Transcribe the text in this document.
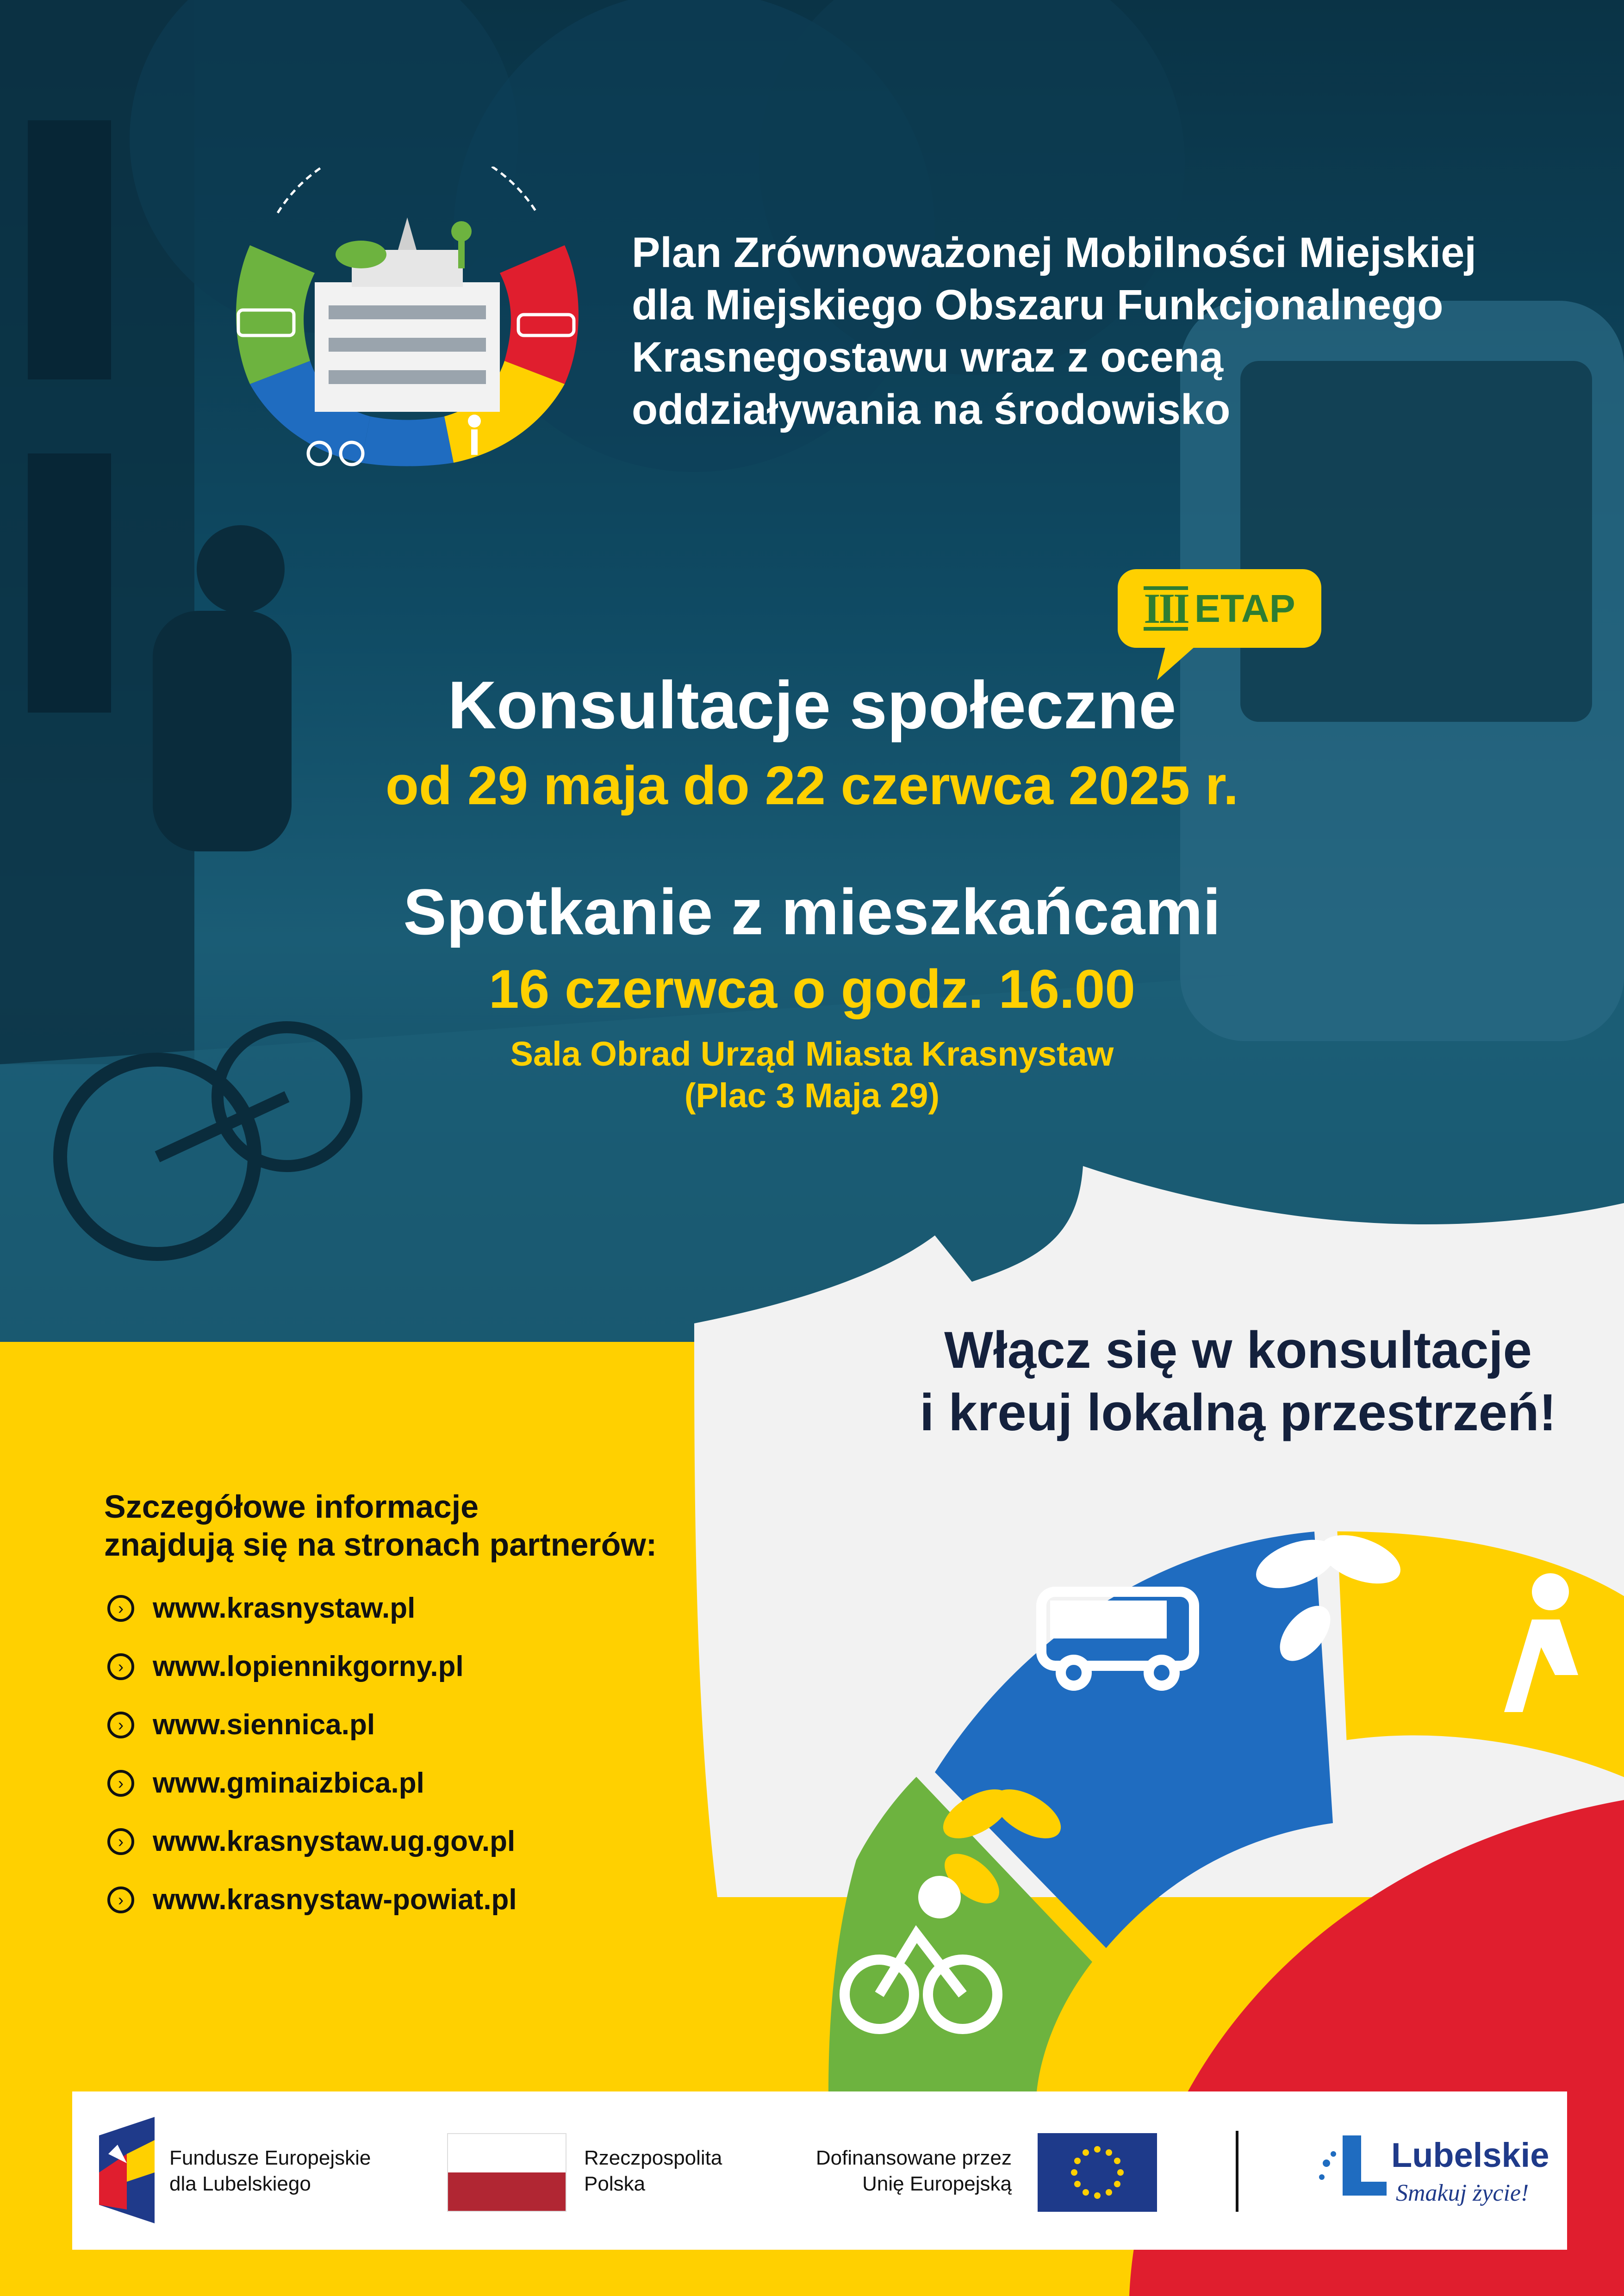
Plan Zrównoważonej Mobilności Miejskiej
dla Miejskiego Obszaru Funkcjonalnego
Krasnegostawu wraz z oceną
oddziaływania na środowisko
III ETAP
Konsultacje społeczne
od 29 maja do 22 czerwca 2025 r.
Spotkanie z mieszkańcami
16 czerwca o godz. 16.00
Sala Obrad Urząd Miasta Krasnystaw
(Plac 3 Maja 29)
Włącz się w konsultacje
i kreuj lokalną przestrzeń!
Szczegółowe informacje
znajdują się na stronach partnerów:
›	www.krasnystaw.pl
›	www.lopiennikgorny.pl
›	www.siennica.pl
›	www.gminaizbica.pl
›	www.krasnystaw.ug.gov.pl
›	www.krasnystaw-powiat.pl
Fundusze Europejskie
dla Lubelskiego
Rzeczpospolita
Polska
Dofinansowane przez
Unię Europejską
Lubelskie
Smakuj życie!
